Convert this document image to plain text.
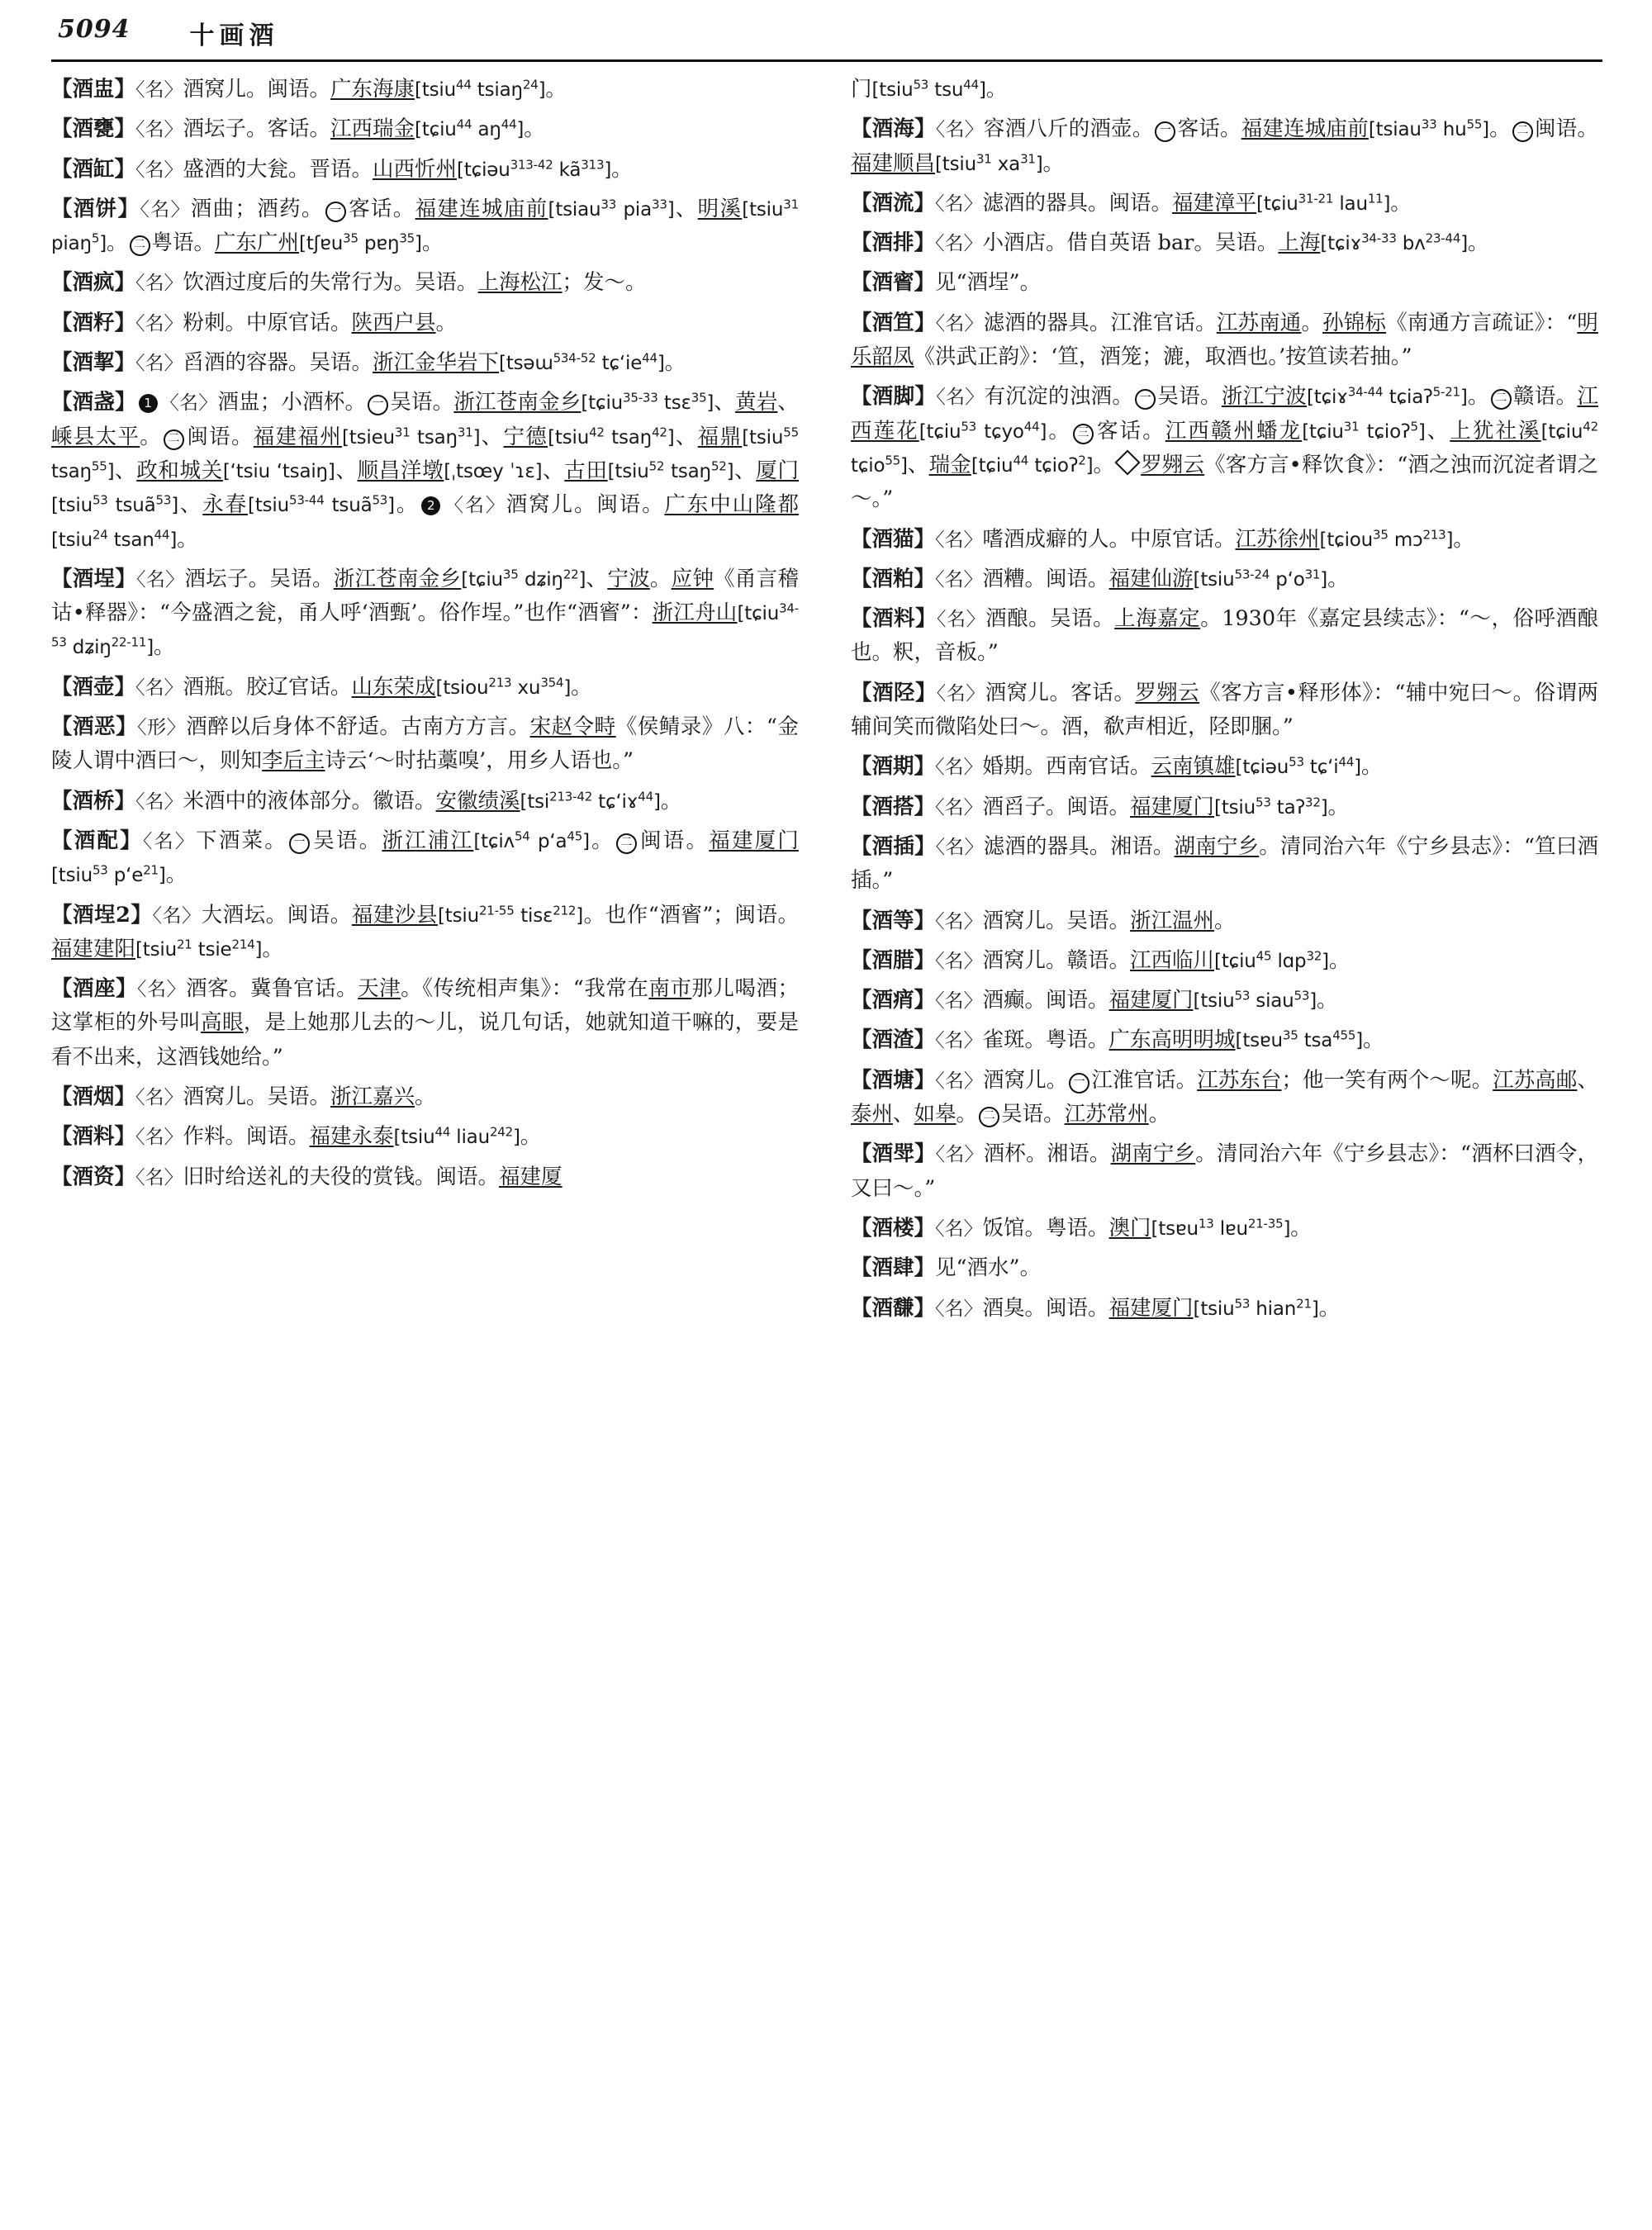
5094 十画 酒
【酒盅】〈名〉酒窝儿。闽语。广东海康[tsiu$^{44}$ tsiaŋ$^{24}$]。
【酒甕】〈名〉酒坛子。客话。江西瑞金[tɕiu$^{44}$ $aŋ^{44}$]。
【酒缸】〈名〉盛酒的大瓮。晋语。山西忻州[tɕiəu$^{313-42}$ $kã^{313}$]。
【酒饼】〈名〉酒曲；酒药。 一 客话。福建连城庙前[tsiau$^{33}$ pia$^{33}$]、明溪[tsiu$^{31}$ piaŋ$^5$]。 二 粤语。广东广州[tʃɐu$^{35}$ pɐŋ$^{35}$]。
【酒疯】〈名〉饮酒过度后的失常行为。吴语。上海松江；发～。
【酒籽】〈名〉粉刺。中原官话。陕西户县。
【酒挈】〈名〉舀酒的容器。吴语。浙江金华岩下[tsəɯ$^{534-52}$ tɕʻie$^{44}$]。
【酒盏】 1 〈名〉酒盅；小酒杯。 一 吴语。浙江苍南金乡[tɕiu$^{35-33}$ tsɛ$^{35}$]、黄岩、嵊县太平。 二 闽语。福建福州[tsieu$^{31}$ tsaŋ$^{31}$]、宁德[tsiu$^{42}$ tsaŋ$^{42}$]、福鼎[tsiu$^{55}$ tsaŋ$^{55}$]、政和城关[ʻtsiu ʻtsaiŋ]、顺昌洋墩[ˌtsœy ˈɿɛ]、古田[tsiu$^{52}$ tsaŋ$^{52}$]、厦门[tsiu$^{53}$ tsuã$^{53}$]、永春[tsiu$^{53-44}$ tsuã$^{53}$]。 2 〈名〉酒窝儿。闽语。广东中山隆都[tsiu$^{24}$ tsan$^{44}$]。
【酒埕】〈名〉酒坛子。吴语。浙江苍南金乡[tɕiu$^{35}$ dʑiŋ$^{22}$]、宁波。应钟《甬言稽诂•释器》：“今盛酒之瓮，甬人呼‘酒甄’。俗作埕。”也作“酒䁇”：浙江舟山[tɕiu$^{34-53}$ dʑiŋ$^{22-11}$]。
【酒壶】〈名〉酒瓶。胶辽官话。山东荣成[tsiou$^{213}$ $xu^{354}$]。
【酒恶】〈形〉酒醉以后身体不舒适。古南方方言。宋赵令畤《侯鲭录》八：“金陵人谓中酒曰～，则知李后主诗云‘～时拈藁嗅’，用乡人语也。”
【酒桥】〈名〉米酒中的液体部分。徽语。安徽绩溪[tsi$^{213-42}$ tɕʻiɤ$^{44}$]。
【酒配】〈名〉下酒菜。 一 吴语。浙江浦江[tɕiʌ$^{54}$ pʻa$^{45}$]。 二 闽语。福建厦门[tsiu$^{53}$ pʻe$^{21}$]。
【酒埕2】〈名〉大酒坛。闽语。福建沙县[tsiu$^{21-55}$ tisɛ$^{212}$]。也作“酒䁇”；闽语。福建建阳[tsiu$^{21}$ tsie$^{214}$]。
【酒座】〈名〉酒客。冀鲁官话。天津。《传统相声集》：“我常在南市那儿喝酒；这掌柜的外号叫高眼，是上她那儿去的～儿，说几句话，她就知道干嘛的，要是看不出来，这酒钱她给。”
【酒烟】〈名〉酒窝儿。吴语。浙江嘉兴。
【酒料】〈名〉作料。闽语。福建永泰[tsiu$^{44}$ liau$^{242}$]。
【酒资】〈名〉旧时给送礼的夫役的赏钱。闽语。福建厦
门[tsiu$^{53}$ tsu$^{44}$]。
【酒海】〈名〉容酒八斤的酒壶。 一 客话。福建连城庙前[tsiau$^{33}$ $hu^{55}$]。 二 闽语。福建顺昌[tsiu$^{31}$ $xa^{31}$]。
【酒流】〈名〉滤酒的器具。闽语。福建漳平[tɕiu$^{31-21}$ lau$^{11}$]。
【酒排】〈名〉小酒店。借自英语 bar。吴语。上海[tɕiɤ$^{34-33}$ bʌ$^{23-44}$]。
【酒䁇】见“酒埕”。
【酒笪】〈名〉滤酒的器具。江淮官话。江苏南通。孙锦标《南通方言疏证》：“明乐韶凤《洪武正韵》：‘笪，酒笼；漉，取酒也。’按笪读若抽。”
【酒脚】〈名〉有沉淀的浊酒。 一 吴语。浙江宁波[tɕiɤ$^{34-44}$ tɕiaʔ$^{5-21}$]。 二 赣语。江西莲花[tɕiu$^{53}$ tɕyo$^{44}$]。 三 客话。江西赣州蟠龙[tɕiu$^{31}$ tɕioʔ$^5$]、上犹社溪[tɕiu$^{42}$ tɕio$^{55}$]、瑞金[tɕiu$^{44}$ tɕioʔ$^2$]。 罗翙云《客方言•释饮食》：“酒之浊而沉淀者谓之～。”
【酒猫】〈名〉嗜酒成癖的人。中原官话。江苏徐州[tɕiou$^{35}$ mɔ$^{213}$]。
【酒粕】〈名〉酒糟。闽语。福建仙游[tsiu$^{53-24}$ pʻo$^{31}$]。
【酒料】〈名〉酒酿。吴语。上海嘉定。1930年《嘉定县续志》：“～，俗呼酒酿也。粎，音板。”
【酒陉】〈名〉酒窝儿。客话。罗翙云《客方言•释形体》：“辅中宛曰～。俗谓两辅间笑而微陷处曰～。酒，欷声相近，陉即䐃。”
【酒期】〈名〉婚期。西南官话。云南镇雄[tɕiəu$^{53}$ tɕʻi$^{44}$]。
【酒搭】〈名〉酒舀子。闽语。福建厦门[tsiu$^{53}$ taʔ$^{32}$]。
【酒插】〈名〉滤酒的器具。湘语。湖南宁乡。清同治六年《宁乡县志》：“笪曰酒插。”
【酒等】〈名〉酒窝儿。吴语。浙江温州。
【酒腊】〈名〉酒窝儿。赣语。江西临川[tɕiu$^{45}$ lɑp$^{32}$]。
【酒痟】〈名〉酒癫。闽语。福建厦门[tsiu$^{53}$ siau$^{53}$]。
【酒渣】〈名〉雀斑。粤语。广东高明明城[tsɐu$^{35}$ tsa$^{455}$]。
【酒塘】〈名〉酒窝儿。 一 江淮官话。江苏东台；他一笑有两个～呢。江苏高邮、泰州、如皋。 二 吴语。江苏常州。
【酒斝】〈名〉酒杯。湘语。湖南宁乡。清同治六年《宁乡县志》：“酒杯曰酒令，又曰～。”
【酒楼】〈名〉饭馆。粤语。澳门[tsɐu$^{13}$ lɐu$^{21-35}$]。
【酒肆】见“酒水”。
【酒馦】〈名〉酒臭。闽语。福建厦门[tsiu$^{53}$ hian$^{21}$]。
